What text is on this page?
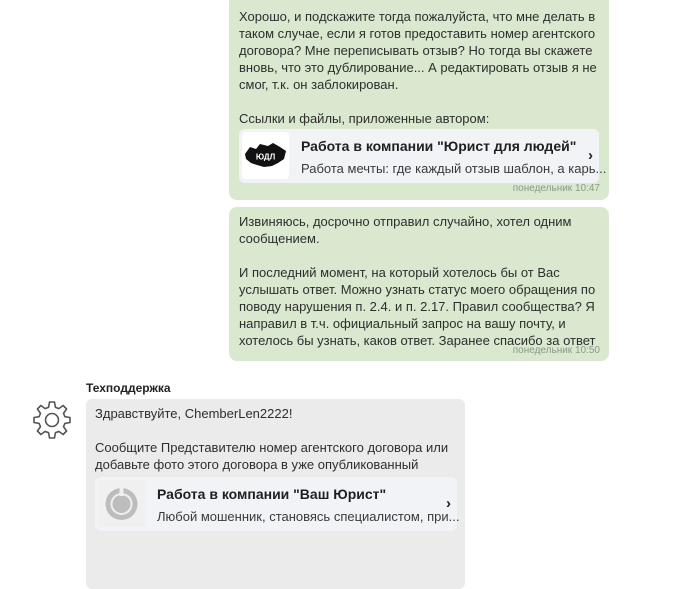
Хорошо, и подскажите тогда пожалуйста, что мне делать в таком случае, если я готов предоставить номер агентского договора? Мне переписывать отзыв? Но тогда вы скажете вновь, что это дублирование... А редактировать отзыв я не смог, т.к. он заблокирован.

Ссылки и файлы, приложенные автором:
ЮДЛ
Работа в компании "Юрист для людей"
Работа мечты: где каждый отзыв шаблон, а карь...
›
понедельник 10:47
Извиняюсь, досрочно отправил случайно, хотел одним сообщением.

И последний момент, на который хотелось бы от Вас услышать ответ. Можно узнать статус моего обращения по поводу нарушения п. 2.4. и п. 2.17. Правил сообщества? Я направил в т.ч. официальный запрос на вашу почту, и хотелось бы узнать, каков ответ. Заранее спасибо за ответ
понедельник 10:50
Техподдержка
Здравствуйте, ChemberLen2222!

Сообщите Представителю номер агентского договора или добавьте фото этого договора в уже опубликованный
Работа в компании "Ваш Юрист"
Любой мошенник, становясь специалистом, при...
›
